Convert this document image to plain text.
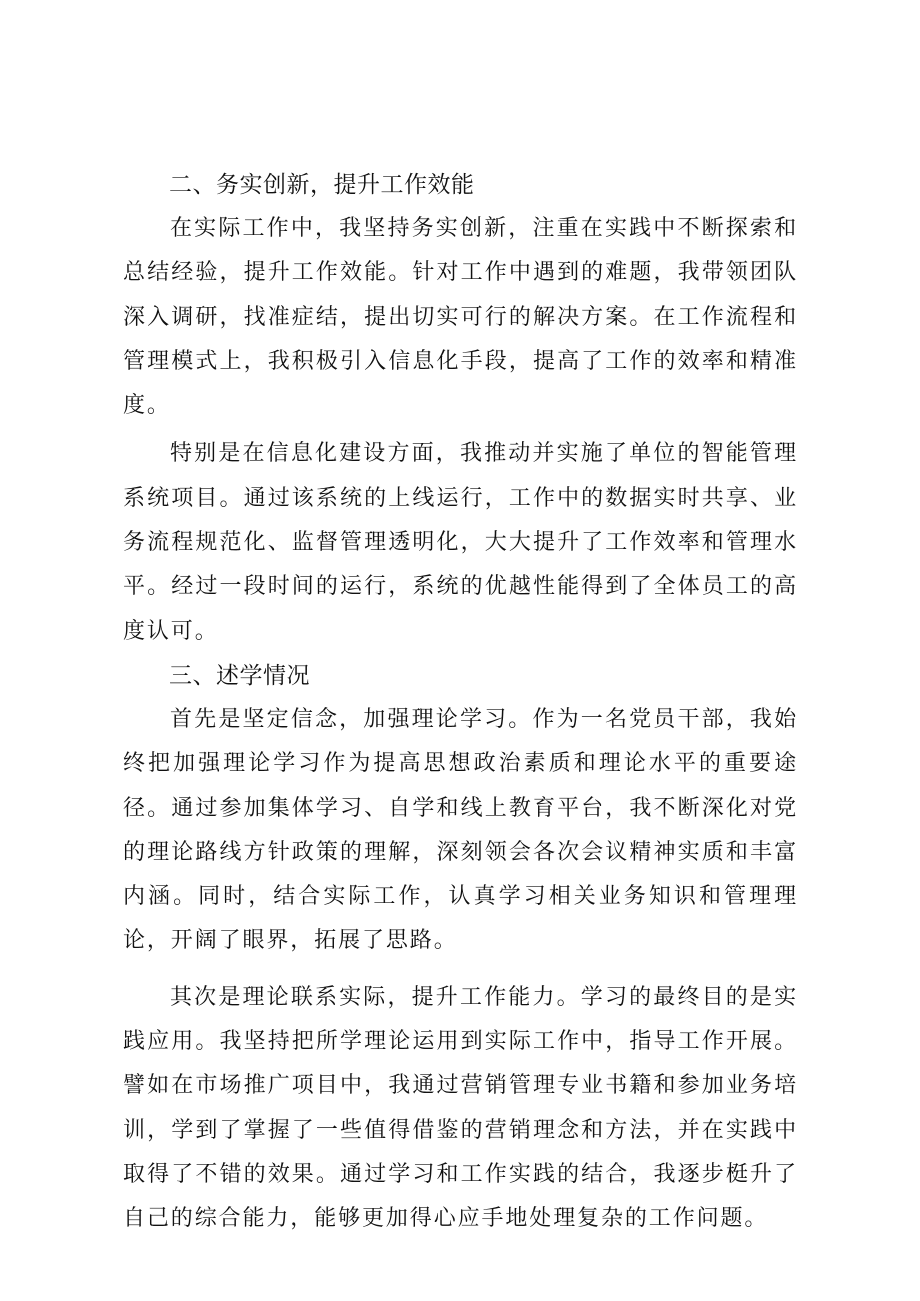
二、务实创新，提升工作效能

在实际工作中，我坚持务实创新，注重在实践中不断探索和总结经验，提升工作效能。针对工作中遇到的难题，我带领团队深入调研，找准症结，提出切实可行的解决方案。在工作流程和管理模式上，我积极引入信息化手段，提高了工作的效率和精准度。

特别是在信息化建设方面，我推动并实施了单位的智能管理系统项目。通过该系统的上线运行，工作中的数据实时共享、业务流程规范化、监督管理透明化，大大提升了工作效率和管理水平。经过一段时间的运行，系统的优越性能得到了全体员工的高度认可。

三、述学情况

首先是坚定信念，加强理论学习。作为一名党员干部，我始终把加强理论学习作为提高思想政治素质和理论水平的重要途径。通过参加集体学习、自学和线上教育平台，我不断深化对党的理论路线方针政策的理解，深刻领会各次会议精神实质和丰富内涵。同时，结合实际工作，认真学习相关业务知识和管理理论，开阔了眼界，拓展了思路。

其次是理论联系实际，提升工作能力。学习的最终目的是实践应用。我坚持把所学理论运用到实际工作中，指导工作开展。譬如在市场推广项目中，我通过营销管理专业书籍和参加业务培训，学到了掌握了一些值得借鉴的营销理念和方法，并在实践中取得了不错的效果。通过学习和工作实践的结合，我逐步梃升了自己的综合能力，能够更加得心应手地处理复杂的工作问题。
